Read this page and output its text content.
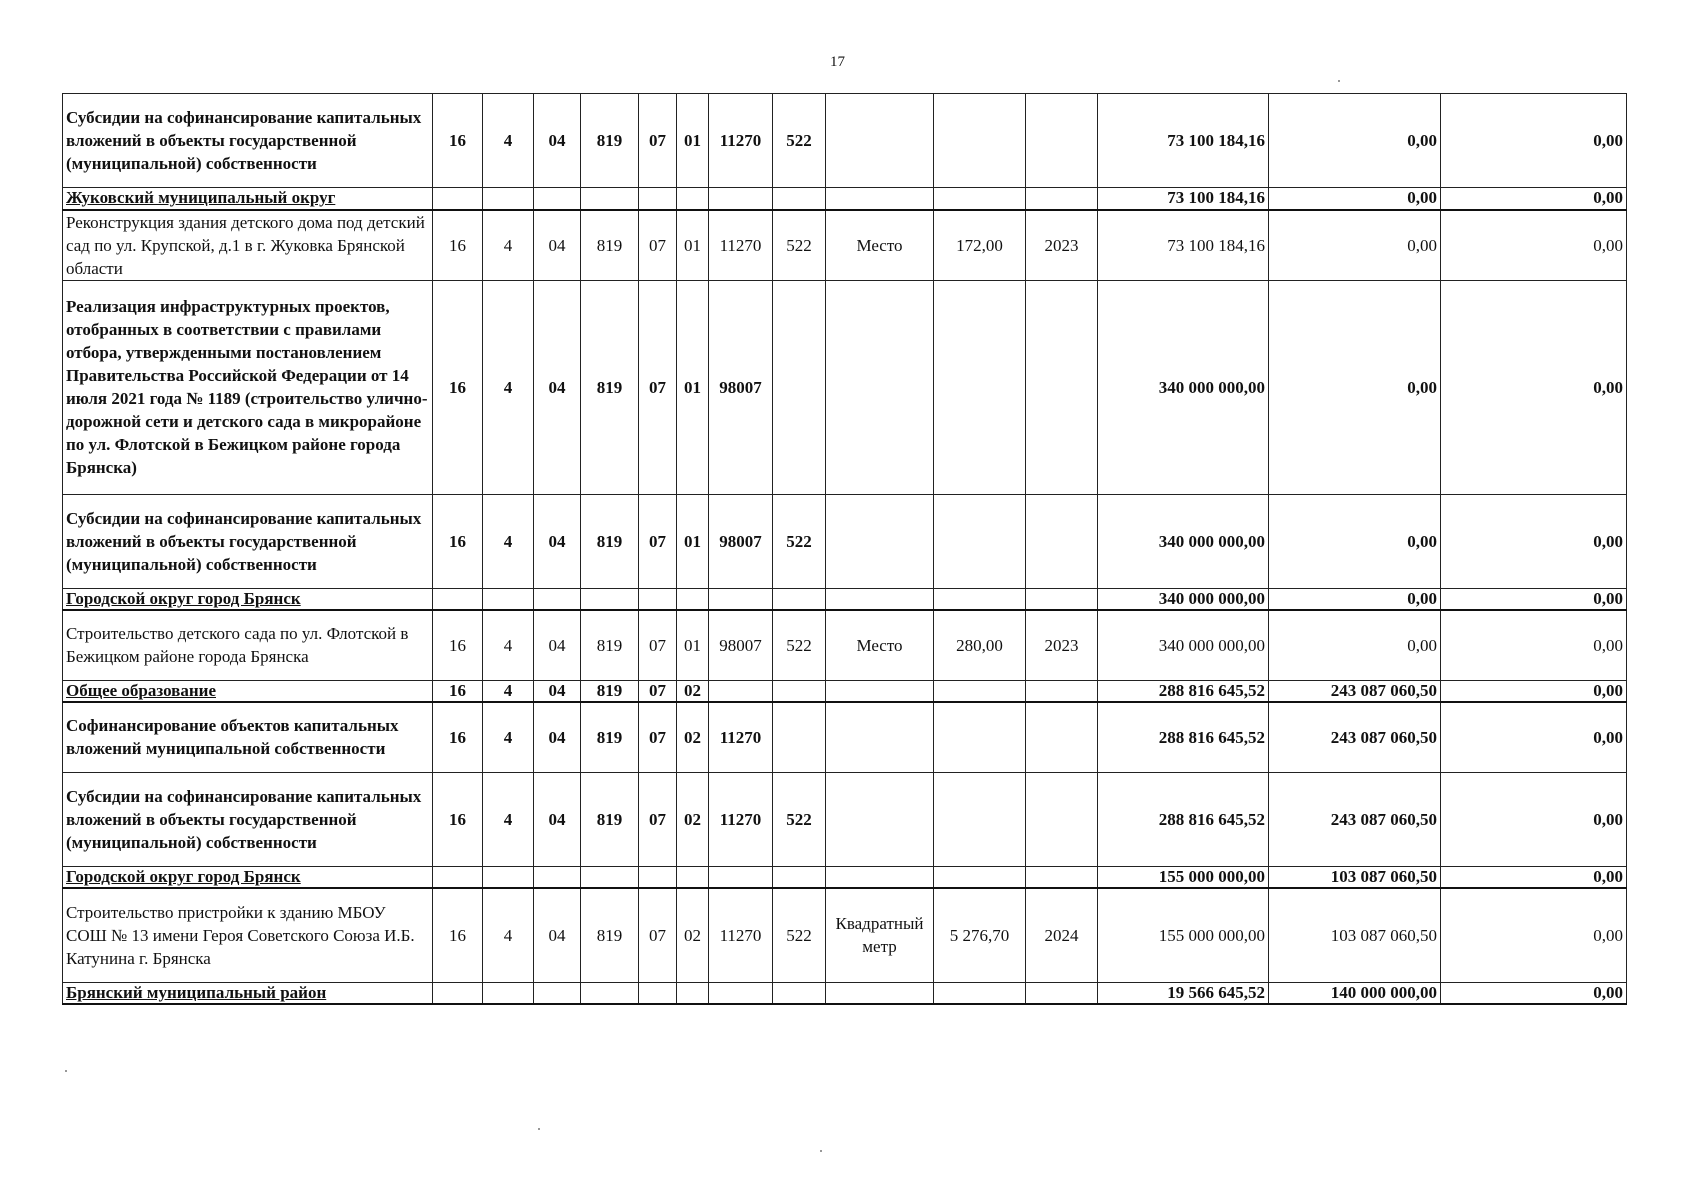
17
Субсидии на софинансирование капитальных вложений в объекты государственной (муниципальной) собственности	16	4	04	819	07	01	11270	522				73 100 184,16	0,00	0,00
Жуковский муниципальный округ												73 100 184,16	0,00	0,00
Реконструкция здания детского дома под детский сад по ул. Крупской, д.1 в г. Жуковка Брянской области	16	4	04	819	07	01	11270	522	Место	172,00	2023	73 100 184,16	0,00	0,00
Реализация инфраструктурных проектов, отобранных в соответствии с правилами отбора, утвержденными постановлением Правительства Российской Федерации от 14 июля 2021 года № 1189 (строительство улично-дорожной сети и детского сада в микрорайоне по ул. Флотской в Бежицком районе города Брянска)	16	4	04	819	07	01	98007					340 000 000,00	0,00	0,00
Субсидии на софинансирование капитальных вложений в объекты государственной (муниципальной) собственности	16	4	04	819	07	01	98007	522				340 000 000,00	0,00	0,00
Городской округ город Брянск												340 000 000,00	0,00	0,00
Строительство детского сада по ул. Флотской в Бежицком районе города Брянска	16	4	04	819	07	01	98007	522	Место	280,00	2023	340 000 000,00	0,00	0,00
Общее образование	16	4	04	819	07	02						288 816 645,52	243 087 060,50	0,00
Софинансирование объектов капитальных вложений муниципальной собственности	16	4	04	819	07	02	11270					288 816 645,52	243 087 060,50	0,00
Субсидии на софинансирование капитальных вложений в объекты государственной (муниципальной) собственности	16	4	04	819	07	02	11270	522				288 816 645,52	243 087 060,50	0,00
Городской округ город Брянск												155 000 000,00	103 087 060,50	0,00
Строительство пристройки к зданию МБОУ СОШ № 13 имени Героя Советского Союза И.Б. Катунина г. Брянска	16	4	04	819	07	02	11270	522	Квадратный метр	5 276,70	2024	155 000 000,00	103 087 060,50	0,00
Брянский муниципальный район												19 566 645,52	140 000 000,00	0,00
